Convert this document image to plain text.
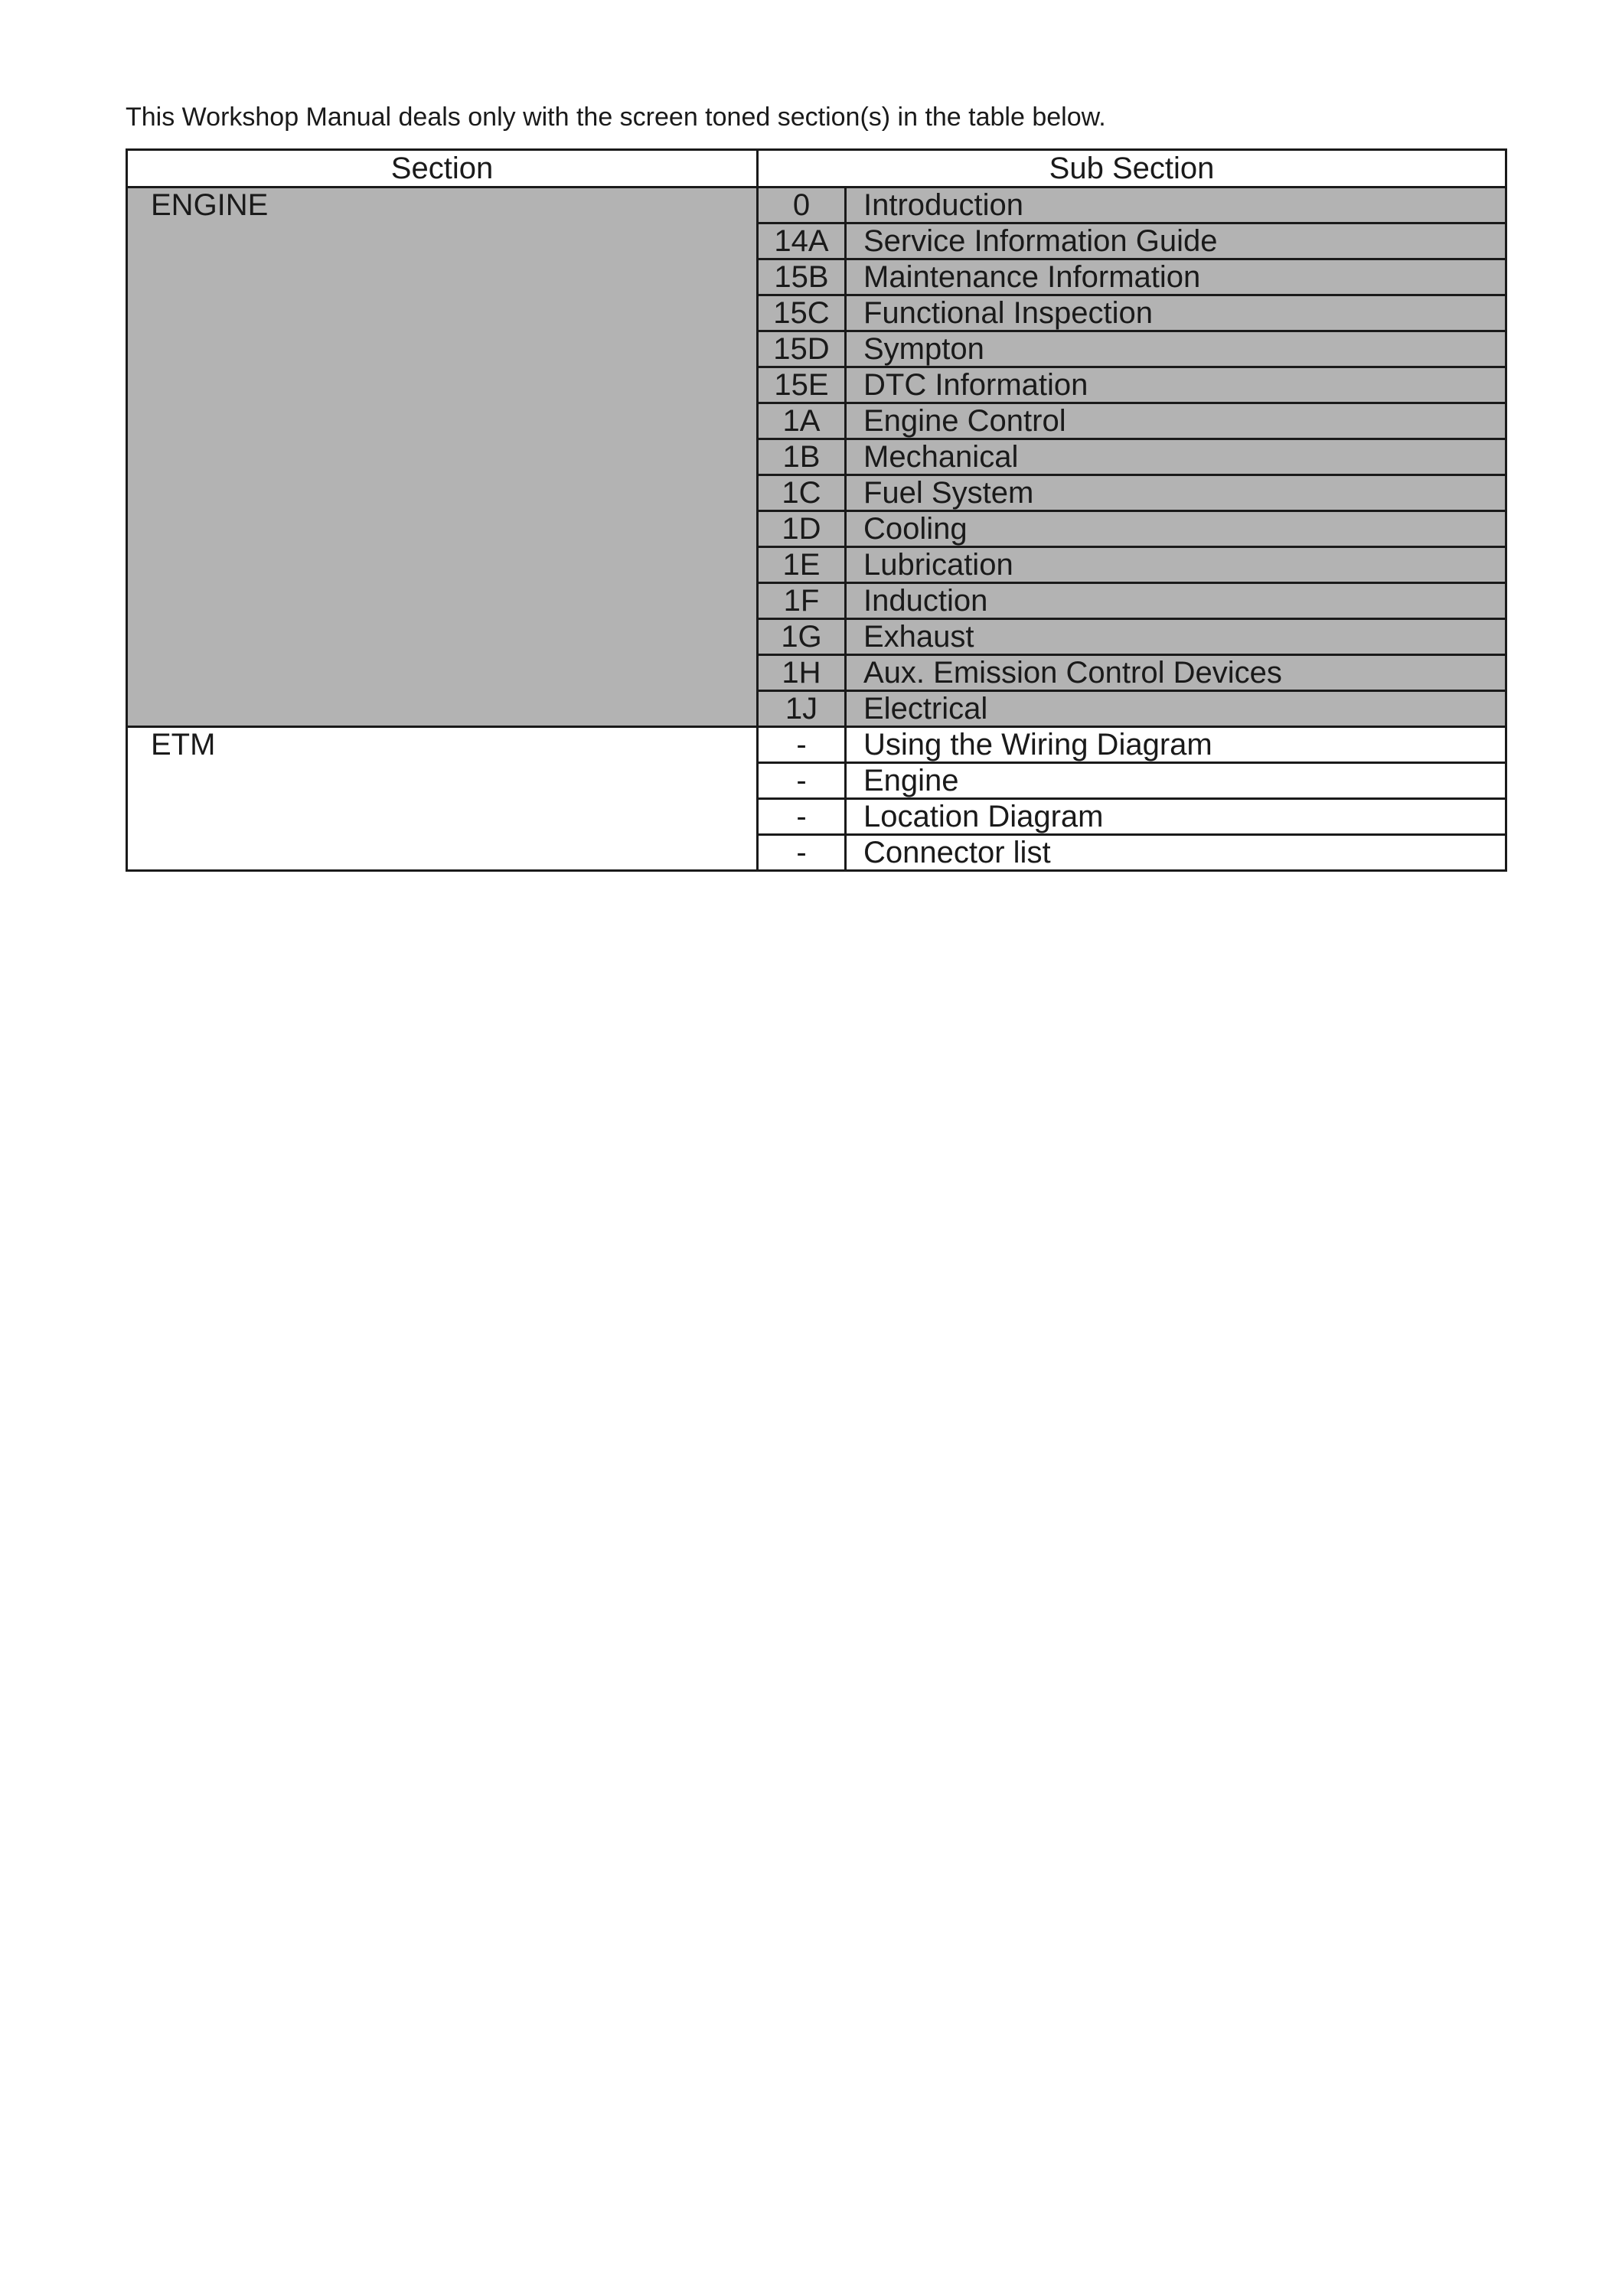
This Workshop Manual deals only with the screen toned section(s) in the table below.
Section	Sub Section	
ENGINE	0	Introduction
	14A	Service Information Guide
	15B	Maintenance Information
	15C	Functional Inspection
	15D	Sympton
	15E	DTC Information
	1A	Engine Control
	1B	Mechanical
	1C	Fuel System
	1D	Cooling
	1E	Lubrication
	1F	Induction
	1G	Exhaust
	1H	Aux. Emission Control Devices
	1J	Electrical
ETM	-	Using the Wiring Diagram
	-	Engine
	-	Location Diagram
	-	Connector list
